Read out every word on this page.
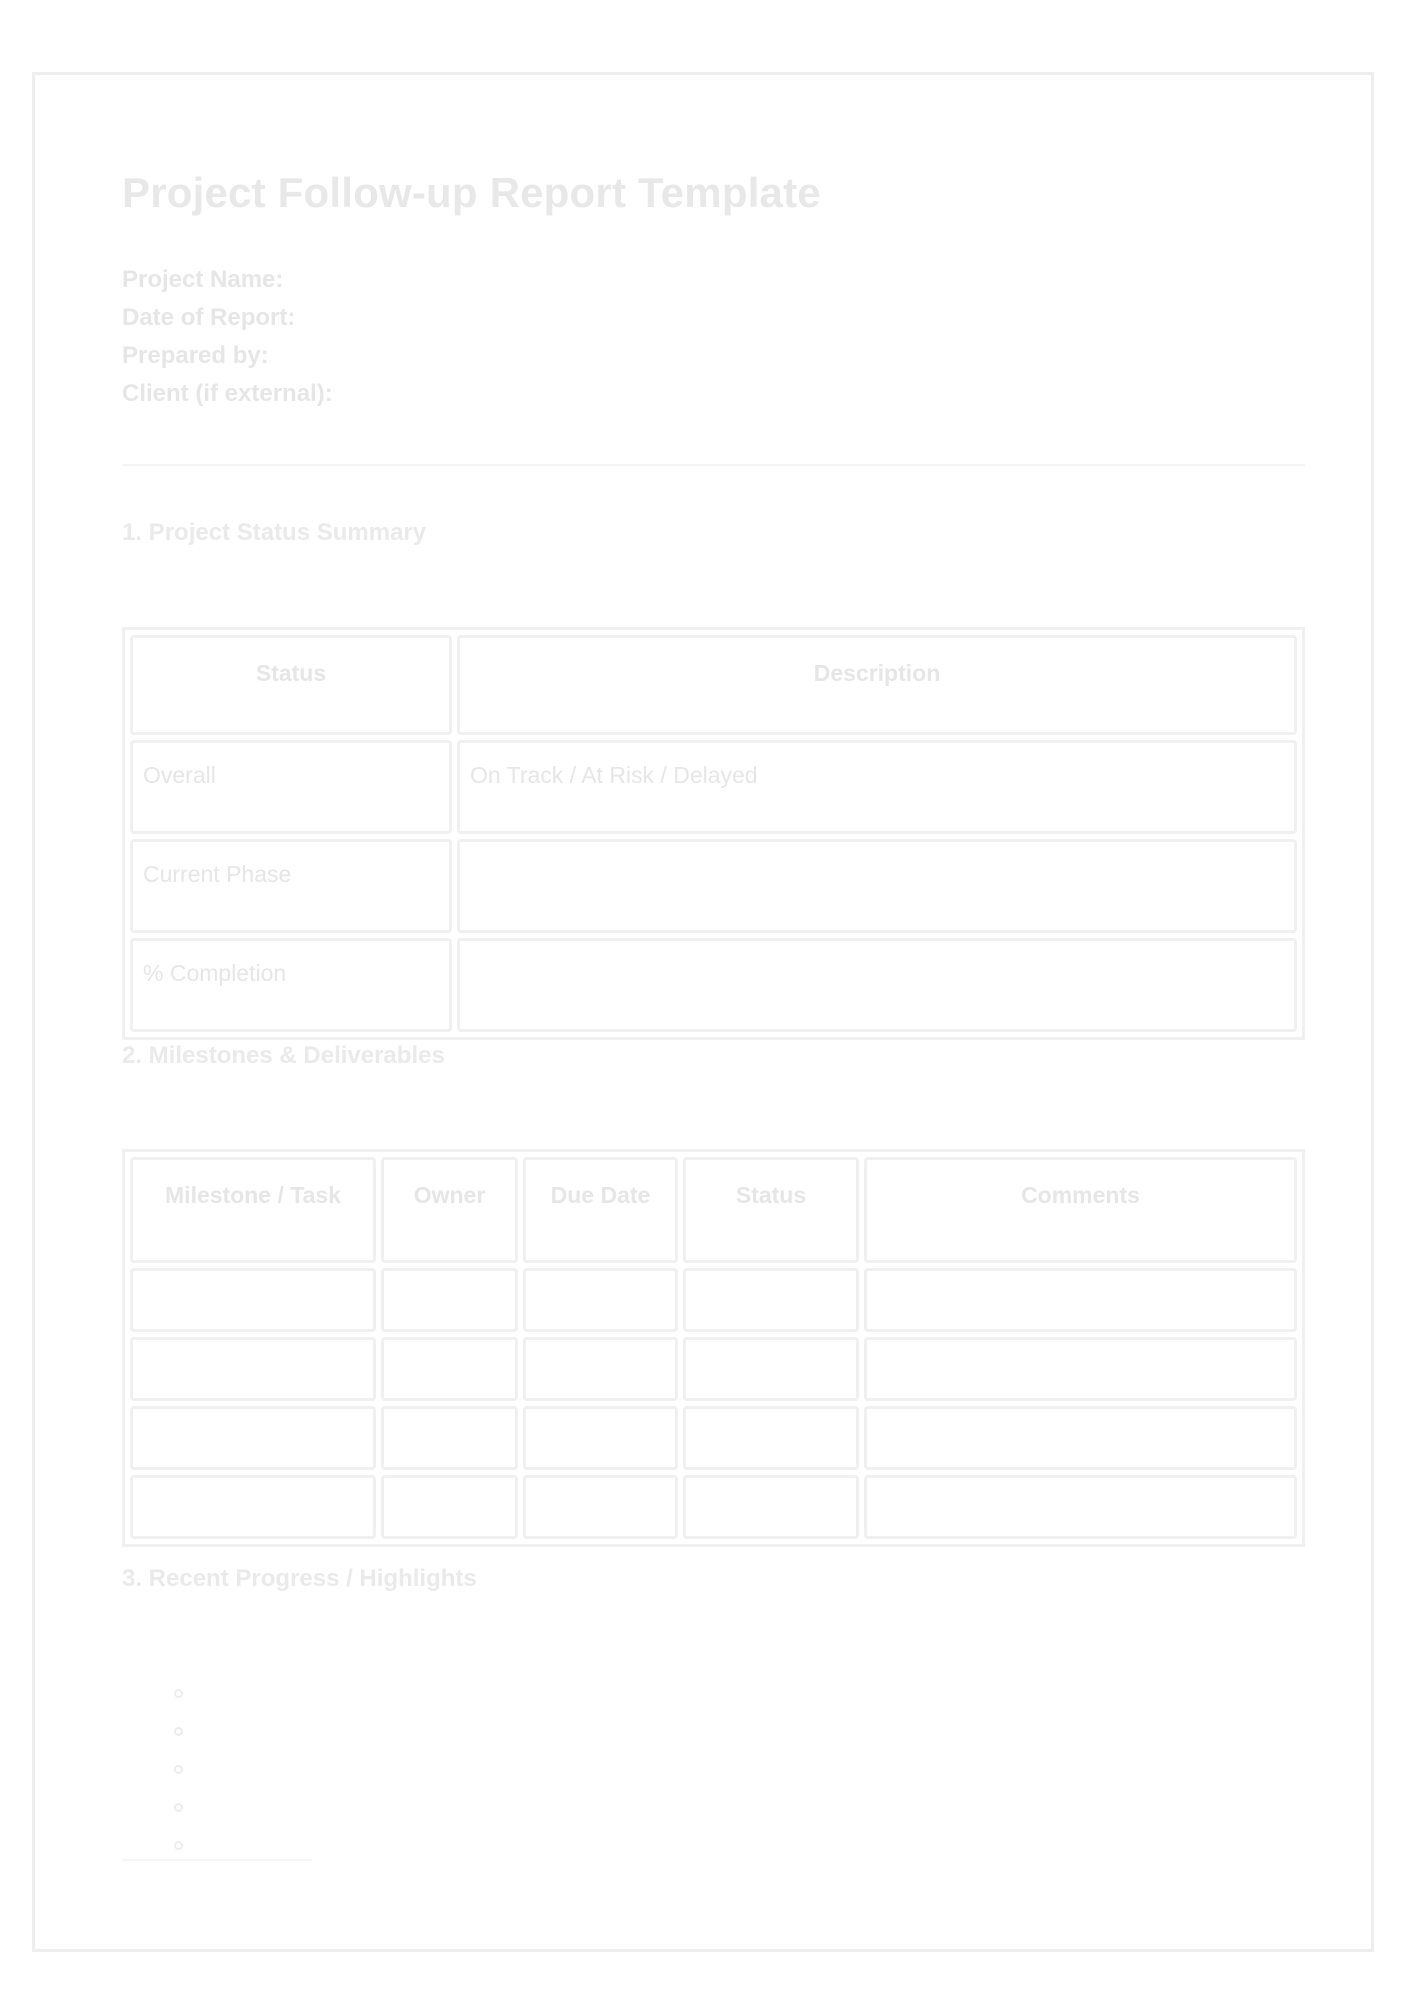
Project Follow-up Report Template
Project Name:
Date of Report:
Prepared by:
Client (if external):
1. Project Status Summary
Status	Description
Overall	On Track / At Risk / Delayed
Current Phase	
% Completion	
2. Milestones & Deliverables
Milestone / Task	Owner	Due Date	Status	Comments

3. Recent Progress / Highlights
